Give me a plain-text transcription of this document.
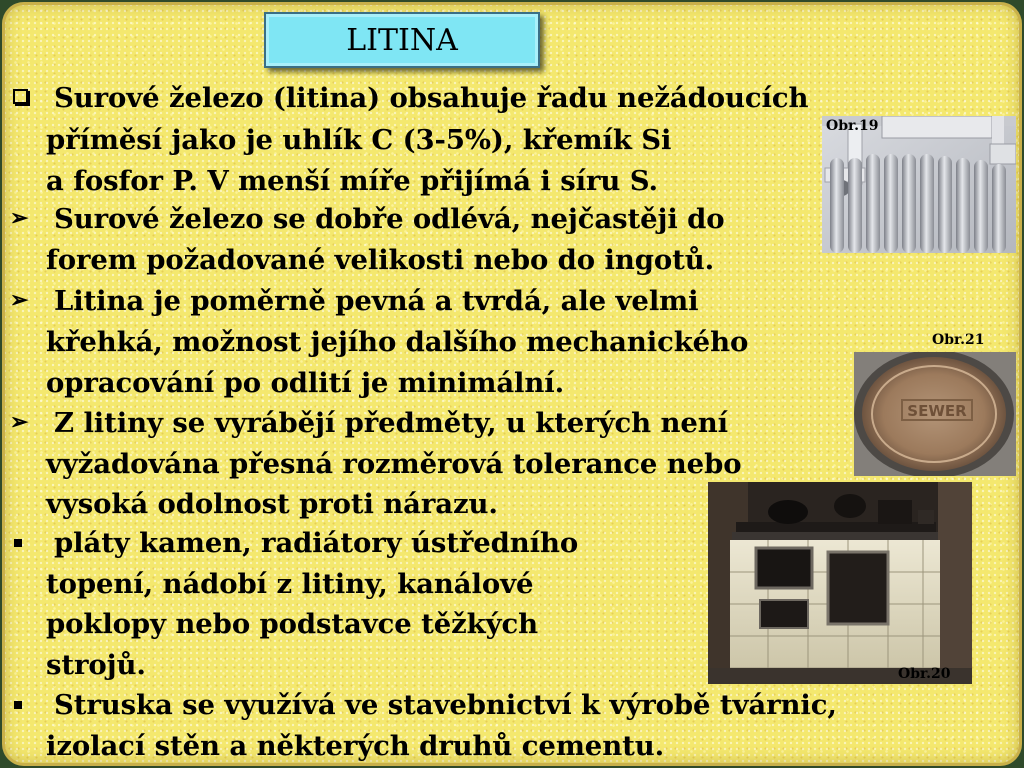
LITINA
Obr.19
Obr.21
SEWER
Obr.20
Surové železo (litina) obsahuje řadu nežádoucích
příměsí jako je uhlík C (3-5%), křemík Si
a fosfor P. V menší míře přijímá i síru S.
➢ Surové železo se dobře odlévá, nejčastěji do
forem požadované velikosti nebo do ingotů.
➢ Litina je poměrně pevná a tvrdá, ale velmi
křehká, možnost jejího dalšího mechanického
opracování po odlití je minimální.
➢ Z litiny se vyrábějí předměty, u kterých není
vyžadována přesná rozměrová tolerance nebo
vysoká odolnost proti nárazu.
pláty kamen, radiátory ústředního
topení, nádobí z litiny, kanálové
poklopy nebo podstavce těžkých
strojů.
Struska se využívá ve stavebnictví k výrobě tvárnic,
izolací stěn a některých druhů cementu.
